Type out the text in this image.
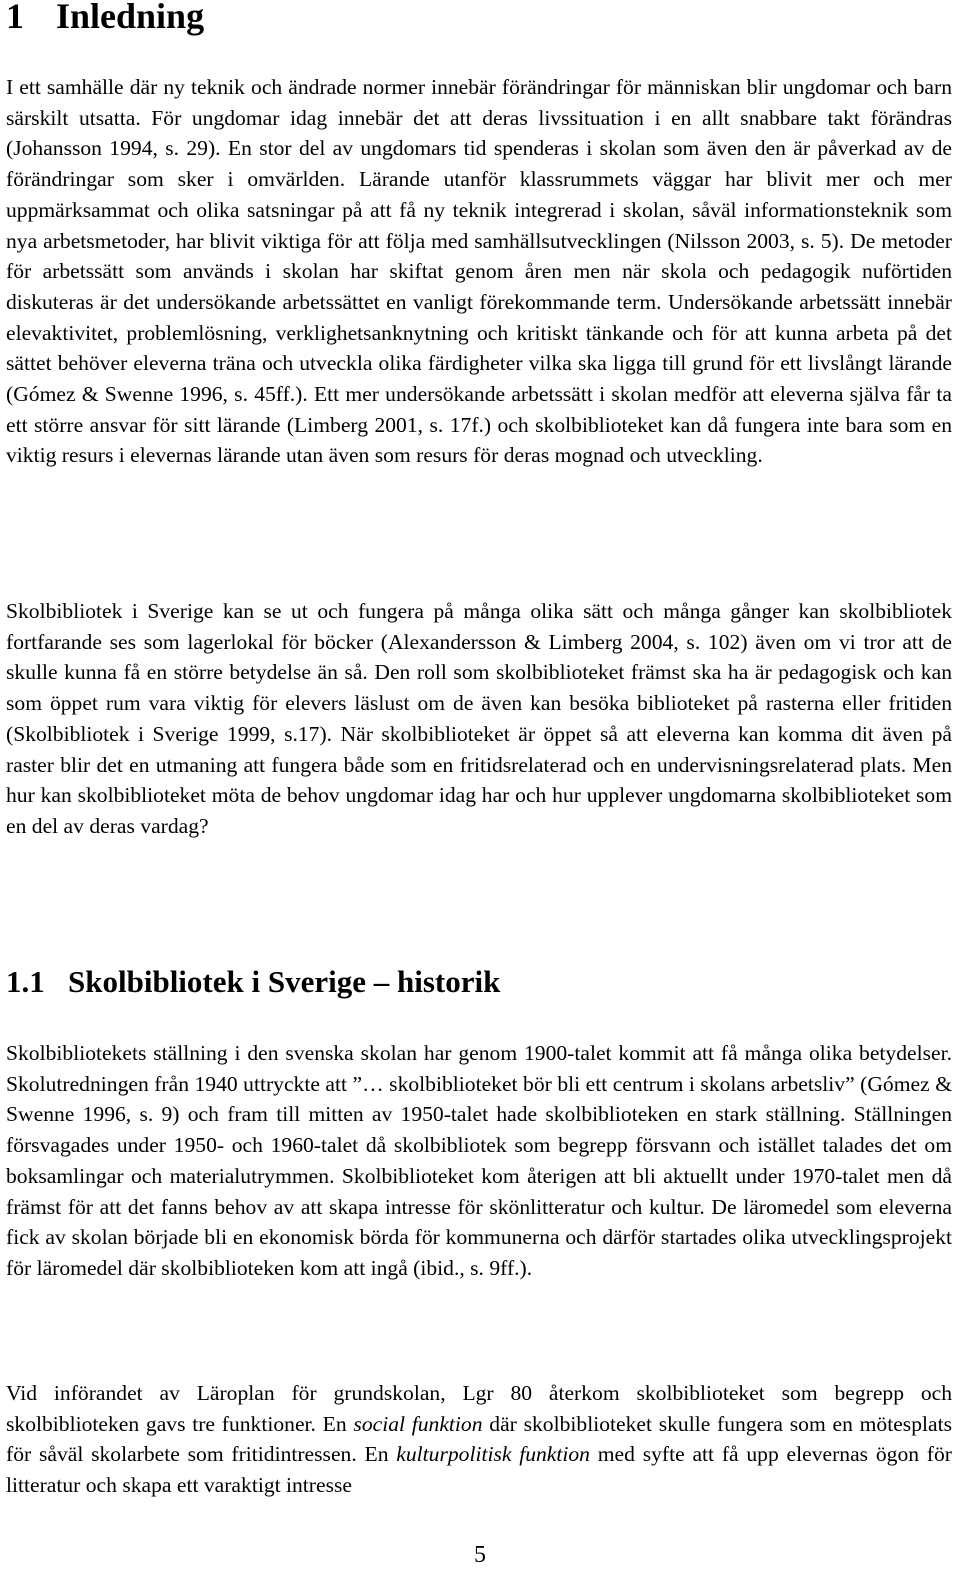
1 Inledning

I ett samhälle där ny teknik och ändrade normer innebär förändringar för människan blir ungdomar och barn särskilt utsatta. För ungdomar idag innebär det att deras livssituation i en allt snabbare takt förändras (Johansson 1994, s. 29). En stor del av ungdomars tid spenderas i skolan som även den är påverkad av de förändringar som sker i omvärlden. Lärande utanför klassrummets väggar har blivit mer och mer uppmärksammat och olika satsningar på att få ny teknik integrerad i skolan, såväl informationsteknik som nya arbetsmetoder, har blivit viktiga för att följa med samhällsutvecklingen (Nilsson 2003, s. 5). De metoder för arbetssätt som används i skolan har skiftat genom åren men när skola och pedagogik nuförtiden diskuteras är det undersökande arbetssättet en vanligt förekommande term. Undersökande arbetssätt innebär elevaktivitet, problemlösning, verklighetsanknytning och kritiskt tänkande och för att kunna arbeta på det sättet behöver eleverna träna och utveckla olika färdigheter vilka ska ligga till grund för ett livslångt lärande (Gómez & Swenne 1996, s. 45ff.). Ett mer undersökande arbetssätt i skolan medför att eleverna själva får ta ett större ansvar för sitt lärande (Limberg 2001, s. 17f.) och skolbiblioteket kan då fungera inte bara som en viktig resurs i elevernas lärande utan även som resurs för deras mognad och utveckling.

Skolbibliotek i Sverige kan se ut och fungera på många olika sätt och många gånger kan skolbibliotek fortfarande ses som lagerlokal för böcker (Alexandersson & Limberg 2004, s. 102) även om vi tror att de skulle kunna få en större betydelse än så. Den roll som skolbiblioteket främst ska ha är pedagogisk och kan som öppet rum vara viktig för elevers läslust om de även kan besöka biblioteket på rasterna eller fritiden (Skolbibliotek i Sverige 1999, s.17). När skolbiblioteket är öppet så att eleverna kan komma dit även på raster blir det en utmaning att fungera både som en fritidsrelaterad och en undervisningsrelaterad plats. Men hur kan skolbiblioteket möta de behov ungdomar idag har och hur upplever ungdomarna skolbiblioteket som en del av deras vardag?

1.1 Skolbibliotek i Sverige – historik

Skolbibliotekets ställning i den svenska skolan har genom 1900-talet kommit att få många olika betydelser. Skolutredningen från 1940 uttryckte att ”… skolbiblioteket bör bli ett centrum i skolans arbetsliv” (Gómez & Swenne 1996, s. 9) och fram till mitten av 1950-talet hade skolbiblioteken en stark ställning. Ställningen försvagades under 1950- och 1960-talet då skolbibliotek som begrepp försvann och istället talades det om boksamlingar och materialutrymmen. Skolbiblioteket kom återigen att bli aktuellt under 1970-talet men då främst för att det fanns behov av att skapa intresse för skönlitteratur och kultur. De läromedel som eleverna fick av skolan började bli en ekonomisk börda för kommunerna och därför startades olika utvecklingsprojekt för läromedel där skolbiblioteken kom att ingå (ibid., s. 9ff.).

Vid införandet av Läroplan för grundskolan, Lgr 80 återkom skolbiblioteket som begrepp och skolbiblioteken gavs tre funktioner. En social funktion där skolbiblioteket skulle fungera som en mötesplats för såväl skolarbete som fritidintressen. En kulturpolitisk funktion med syfte att få upp elevernas ögon för litteratur och skapa ett varaktigt intresse

5
